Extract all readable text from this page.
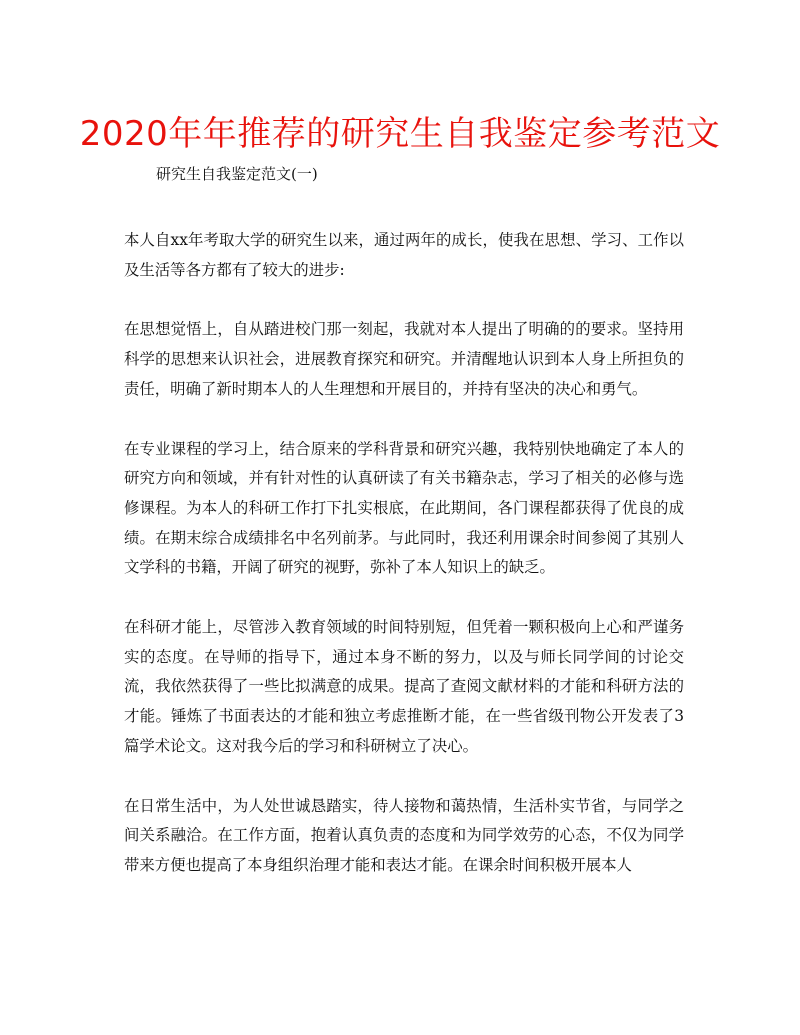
2020年年推荐的研究生自我鉴定参考范文
研究生自我鉴定范文(一)

本人自xx年考取大学的研究生以来，通过两年的成长，使我在思想、学习、工作以及生活等各方都有了较大的进步:

在思想觉悟上，自从踏进校门那一刻起，我就对本人提出了明确的的要求。坚持用科学的思想来认识社会，进展教育探究和研究。并清醒地认识到本人身上所担负的责任，明确了新时期本人的人生理想和开展目的，并持有坚决的决心和勇气。

在专业课程的学习上，结合原来的学科背景和研究兴趣，我特别快地确定了本人的研究方向和领域，并有针对性的认真研读了有关书籍杂志，学习了相关的必修与选修课程。为本人的科研工作打下扎实根底，在此期间，各门课程都获得了优良的成绩。在期末综合成绩排名中名列前茅。与此同时，我还利用课余时间参阅了其别人文学科的书籍，开阔了研究的视野，弥补了本人知识上的缺乏。

在科研才能上，尽管涉入教育领域的时间特别短，但凭着一颗积极向上心和严谨务实的态度。在导师的指导下，通过本身不断的努力，以及与师长同学间的讨论交流，我依然获得了一些比拟满意的成果。提高了查阅文献材料的才能和科研方法的才能。锤炼了书面表达的才能和独立考虑推断才能，在一些省级刊物公开发表了3篇学术论文。这对我今后的学习和科研树立了决心。

在日常生活中，为人处世诚恳踏实，待人接物和蔼热情，生活朴实节省，与同学之间关系融洽。在工作方面，抱着认真负责的态度和为同学效劳的心态，不仅为同学带来方便也提高了本身组织治理才能和表达才能。在课余时间积极开展本人
